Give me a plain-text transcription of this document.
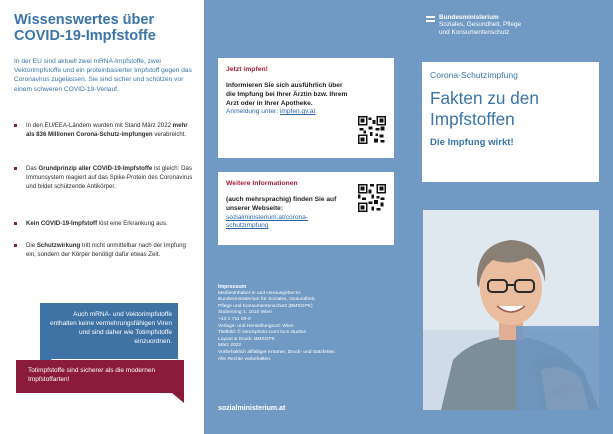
Wissenswertes über COVID-19-Impfstoffe

In der EU sind aktuell zwei mRNA-Impfstoffe, zwei Vektorimpfstoffe und ein proteinbasierter Impfstoff gegen das Coronavirus zugelassen. Sie sind sicher und schützen vor einem schweren COVID-19-Verlauf.

In den EU/EEA-Ländern wurden mit Stand März 2022 mehr als 836 Millionen Corona-Schutz-impfungen verabreicht.
Das Grundprinzip aller COVID-19-Impfstoffe ist gleich: Das Immunsystem reagiert auf das Spike-Protein des Coronavirus und bildet schützende Antikörper.
Kein COVID-19-Impfstoff löst eine Erkrankung aus.
Die Schutzwirkung tritt nicht unmittelbar nach der Impfung ein, sondern der Körper benötigt dafür etwas Zeit.
Auch mRNA- und Vektorimpfstoffe enthalten keine vermehrungsfähigen Viren und sind daher wie Totimpfstoffe einzuordnen.
Totimpfstoffe sind sicherer als die modernen Impfstoffarten!

Jetzt impfen!

Informieren Sie sich ausführlich über die Impfung bei Ihrer Ärztin bzw. Ihrem Arzt oder in Ihrer Apotheke.
Anmeldung unter: impfen.gv.at

Weitere Informationen

(auch mehrsprachig) finden Sie auf unserer Webseite:
sozialministerium.at/corona-schutzimpfung

Impressum
Medieninhaber:in und Herausgeber:in:
Bundesministerium für Soziales, Gesundheit,
Pflege und Konsumentenschutz (BMSGPK)
Stubenring 1, 1010 Wien
+43 1 711 00-0
Verlags- und Herstellungsort: Wien
Titelbild: © istockphoto.com/ lucs studios
Layout & Druck: BMSGPK
März 2022
Vorbehaltlich allfälliger Irrtümer, Druck- und Satzfehler.
Alle Rechte vorbehalten.
sozialministerium.at
Bundesministerium
Soziales, Gesundheit, Pflege
und Konsumentenschutz

Corona-Schutzimpfung

Fakten zu den
Impfstoffen

Die Impfung wirkt!
